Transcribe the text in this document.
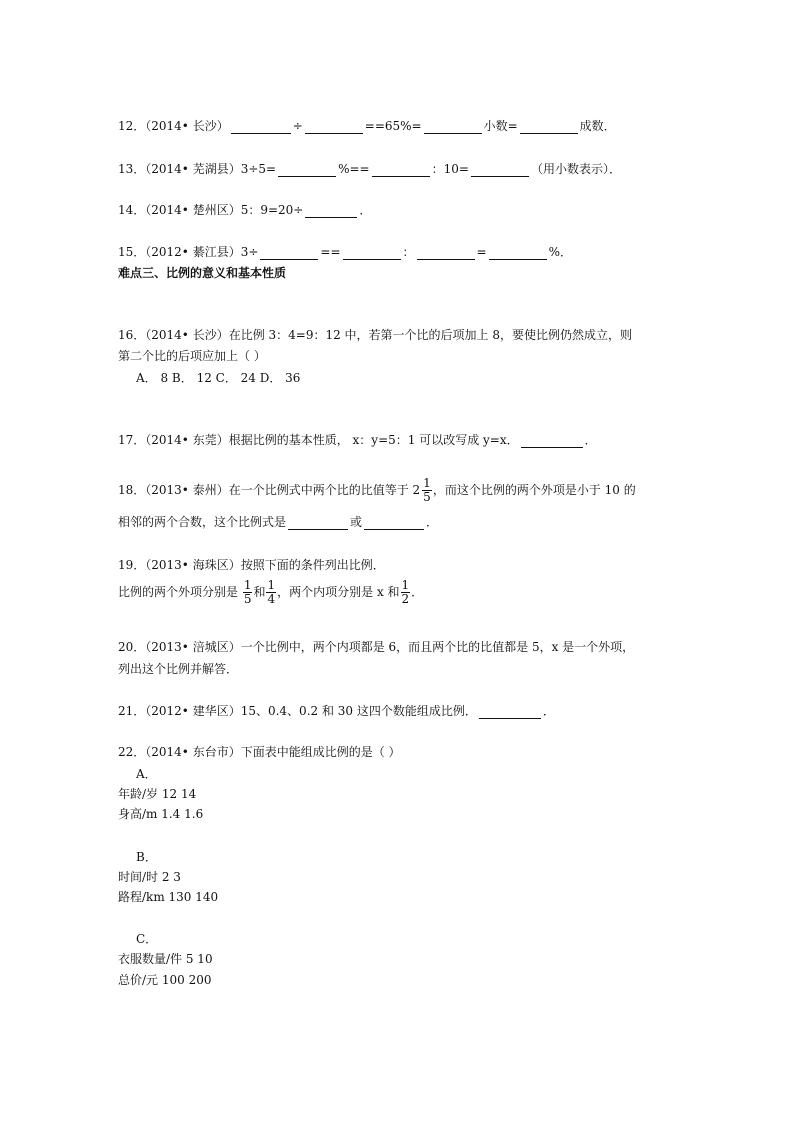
12．（2014• 长沙）	÷	==65%=	小数=	成数．
13．（2014• 芜湖县）3÷5=	%==	：10=	（用小数表示）．
14．（2014• 楚州区）5：9=20÷	．
15．（2012• 綦江县）3÷	==	：	=	%．
难点三、比例的意义和基本性质
16．（2014• 长沙）在比例 3：4=9：12 中，若第一个比的后项加上 8，要使比例仍然成立，则
第二个比的后项应加上（ ）
A． 8 B． 12 C． 24 D． 36
17．（2014• 东莞）根据比例的基本性质， x：y=5：1 可以改写成 y=x．	．
18．（2013• 泰州）在一个比例式中两个比的比值等于 $2 \frac{1}{5}$ ，而这个比例的两个外项是小于 10 的
相邻的两个合数，这个比例式是	或	．
19．（2013• 海珠区）按照下面的条件列出比例．
比例的两个外项分别是 $\frac{1}{5}$ 和 $\frac{1}{4}$ ，两个内项分别是 x 和 $\frac{1}{2}$ ．
20．（2013• 涪城区）一个比例中，两个内项都是 6，而且两个比的比值都是 5，x 是一个外项，
列出这个比例并解答．
21．（2012• 建华区）15、0.4、0.2 和 30 这四个数能组成比例．	．
22．（2014• 东台市）下面表中能组成比例的是（ ）
A．
年龄/岁 12 14
身高/m 1.4 1.6
B．
时间/时 2 3
路程/km 130 140
C．
衣服数量/件 5 10
总价/元 100 200
